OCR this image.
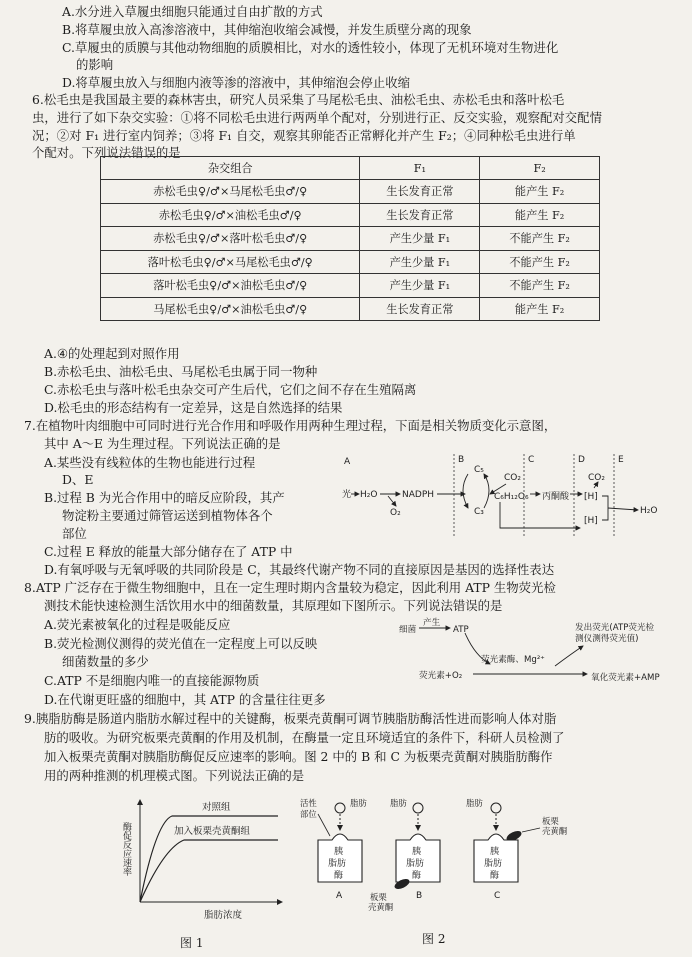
A.水分进入草履虫细胞只能通过自由扩散的方式
B.将草履虫放入高渗溶液中，其伸缩泡收缩会减慢，并发生质壁分离的现象
C.草履虫的质膜与其他动物细胞的质膜相比，对水的透性较小，体现了无机环境对生物进化
的影响
D.将草履虫放入与细胞内液等渗的溶液中，其伸缩泡会停止收缩
6.松毛虫是我国最主要的森林害虫，研究人员采集了马尾松毛虫、油松毛虫、赤松毛虫和落叶松毛
虫，进行了如下杂交实验：①将不同松毛虫进行两两单个配对，分别进行正、反交实验，观察配对交配情
况；②对 F₁ 进行室内饲养；③将 F₁ 自交，观察其卵能否正常孵化并产生 F₂；④同种松毛虫进行单
个配对。下列说法错误的是
杂交组合	F₁	F₂
赤松毛虫♀/♂×马尾松毛虫♂/♀	生长发育正常	能产生 F₂
赤松毛虫♀/♂×油松毛虫♂/♀	生长发育正常	能产生 F₂
赤松毛虫♀/♂×落叶松毛虫♂/♀	产生少量 F₁	不能产生 F₂
落叶松毛虫♀/♂×马尾松毛虫♂/♀	产生少量 F₁	不能产生 F₂
落叶松毛虫♀/♂×油松毛虫♂/♀	产生少量 F₁	不能产生 F₂
马尾松毛虫♀/♂×油松毛虫♂/♀	生长发育正常	能产生 F₂
A.④的处理起到对照作用
B.赤松毛虫、油松毛虫、马尾松毛虫属于同一物种
C.赤松毛虫与落叶松毛虫杂交可产生后代，它们之间不存在生殖隔离
D.松毛虫的形态结构有一定差异，这是自然选择的结果
7.在植物叶肉细胞中可同时进行光合作用和呼吸作用两种生理过程，下面是相关物质变化示意图，
其中 A～E 为生理过程。下列说法正确的是
A.某些没有线粒体的生物也能进行过程
D、E
B.过程 B 为光合作用中的暗反应阶段，其产
物淀粉主要通过筛管运送到植物体各个
部位
C.过程 E 释放的能量大部分储存在了 ATP 中
D.有氧呼吸与无氧呼吸的共同阶段是 C，其最终代谢产物不同的直接原因是基因的选择性表达
A	B	C	D	E
光 H₂O	NADPH
O₂
C₅
C₃
CO₂
C₆H₁₂O₆ 丙酮酸
CO₂
[H]
[H]
H₂O
8.ATP 广泛存在于微生物细胞中，且在一定生理时期内含量较为稳定，因此利用 ATP 生物荧光检
测技术能快速检测生活饮用水中的细菌数量，其原理如下图所示。下列说法错误的是
A.荧光素被氧化的过程是吸能反应
B.荧光检测仪测得的荧光值在一定程度上可以反映
细菌数量的多少
C.ATP 不是细胞内唯一的直接能源物质
D.在代谢更旺盛的细胞中，其 ATP 的含量往往更多
细菌
产生
ATP	发出荧光(ATP荧光检
测仪测得荧光值)
荧光素酶、Mg²⁺
荧光素+O₂	氧化荧光素+AMP
9.胰脂肪酶是肠道内脂肪水解过程中的关键酶，板栗壳黄酮可调节胰脂肪酶活性进而影响人体对脂
肪的吸收。为研究板栗壳黄酮的作用及机制，在酶量一定且环境适宜的条件下，科研人员检测了
加入板栗壳黄酮对胰脂肪酶促反应速率的影响。图 2 中的 B 和 C 为板栗壳黄酮对胰脂肪酶作
用的两种推测的机理模式图。下列说法正确的是
酶促反应速率
脂肪浓度
对照组
加入板栗壳黄酮组
图 1
活性
部位
脂肪	脂肪	脂肪
板栗
壳黄酮
板栗
壳黄酮
胰
脂肪
酶
A
胰
脂肪
酶
B
胰
脂肪
酶
C
图 2
